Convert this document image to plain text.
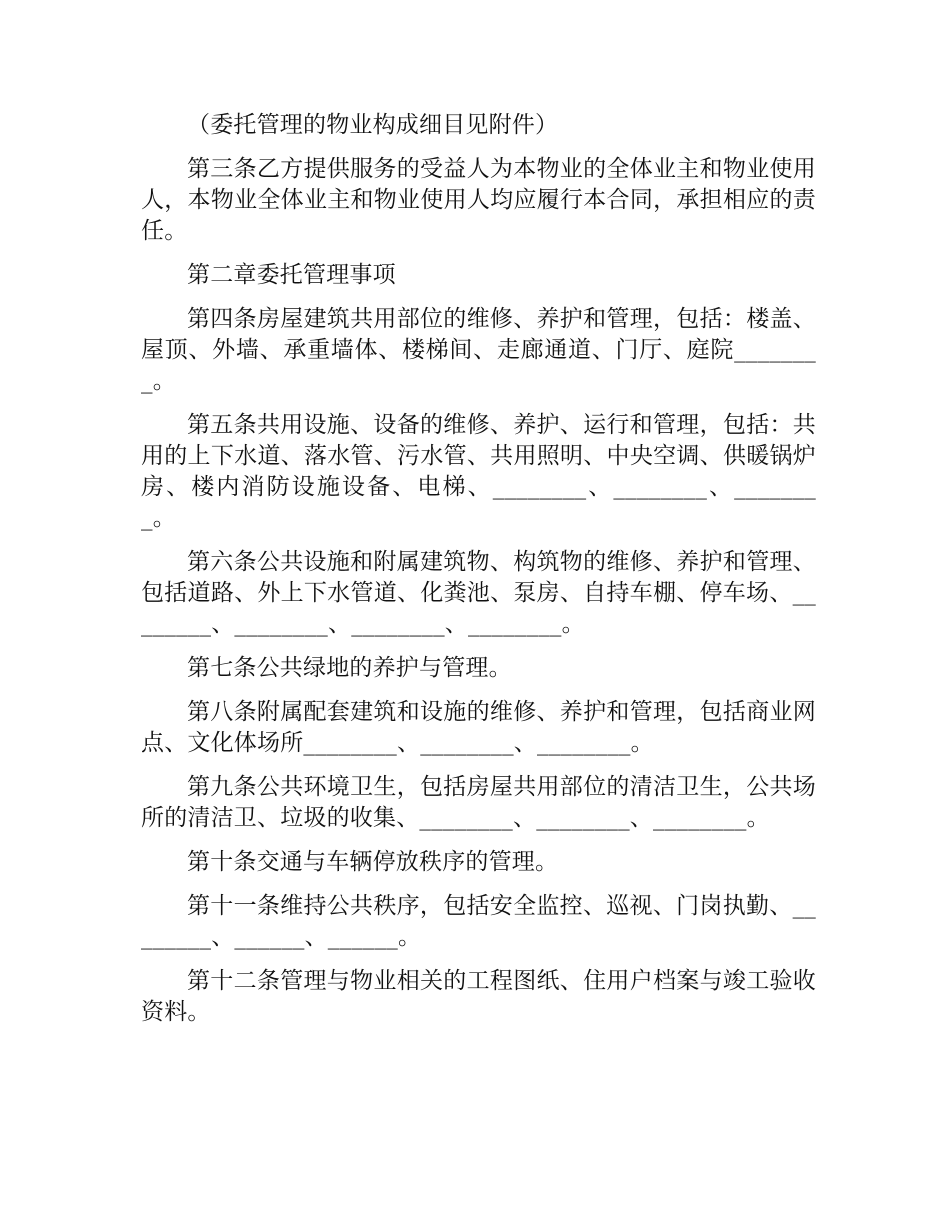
（委托管理的物业构成细目见附件）

第三条乙方提供服务的受益人为本物业的全体业主和物业使用人，本物业全体业主和物业使用人均应履行本合同，承担相应的责任。

第二章委托管理事项

第四条房屋建筑共用部位的维修、养护和管理，包括：楼盖、屋顶、外墙、承重墙体、楼梯间、走廊通道、门厅、庭院________。

第五条共用设施、设备的维修、养护、运行和管理，包括：共用的上下水道、落水管、污水管、共用照明、中央空调、供暖锅炉房、楼内消防设施设备、电梯、________、________、________。

第六条公共设施和附属建筑物、构筑物的维修、养护和管理、包括道路、外上下水管道、化粪池、泵房、自持车棚、停车场、________、________、________、________。

第七条公共绿地的养护与管理。

第八条附属配套建筑和设施的维修、养护和管理，包括商业网点、文化体场所________、________、________。

第九条公共环境卫生，包括房屋共用部位的清洁卫生，公共场所的清洁卫、垃圾的收集、________、________、________。

第十条交通与车辆停放秩序的管理。

第十一条维持公共秩序，包括安全监控、巡视、门岗执勤、________、______、______。

第十二条管理与物业相关的工程图纸、住用户档案与竣工验收资料。
